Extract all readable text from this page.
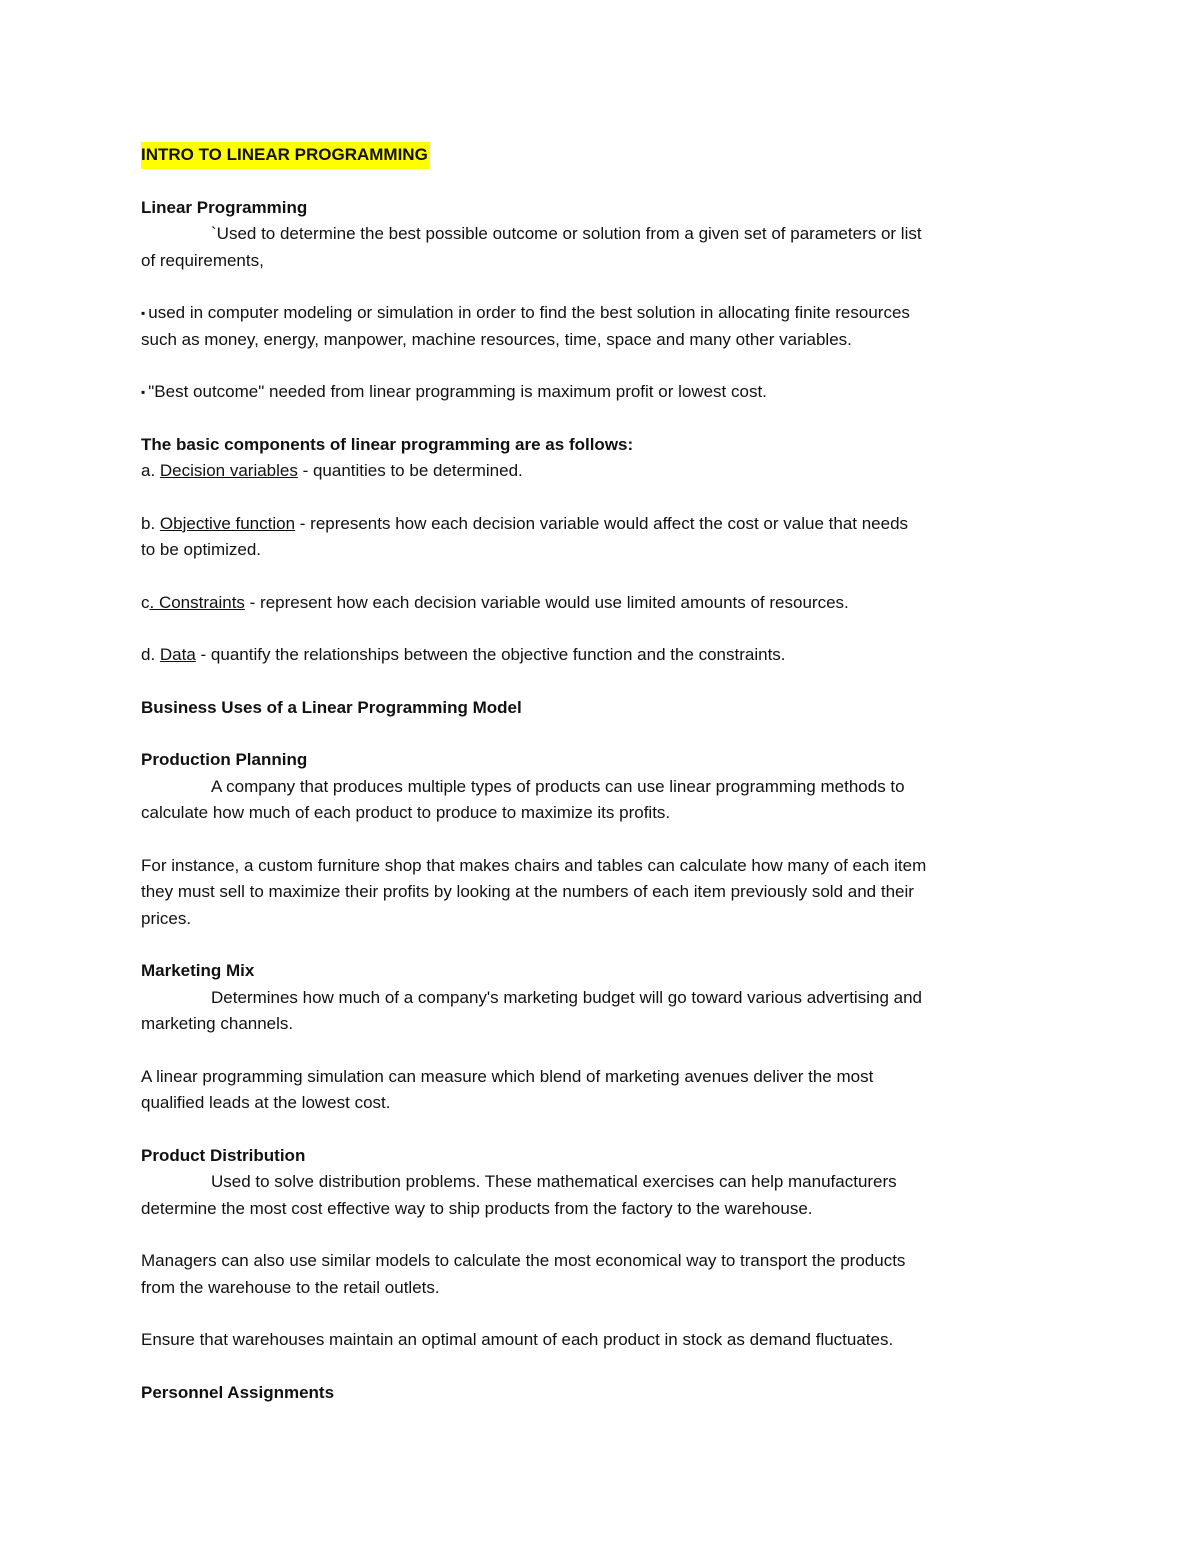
INTRO TO LINEAR PROGRAMMING
Linear Programming
`Used to determine the best possible outcome or solution from a given set of parameters or list
of requirements,
▪ used in computer modeling or simulation in order to find the best solution in allocating finite resources
such as money, energy, manpower, machine resources, time, space and many other variables.
▪ "Best outcome" needed from linear programming is maximum profit or lowest cost.
The basic components of linear programming are as follows:
a. Decision variables - quantities to be determined.
b. Objective function - represents how each decision variable would affect the cost or value that needs
to be optimized.
c. Constraints - represent how each decision variable would use limited amounts of resources.
d. Data - quantify the relationships between the objective function and the constraints.
Business Uses of a Linear Programming Model
Production Planning
A company that produces multiple types of products can use linear programming methods to
calculate how much of each product to produce to maximize its profits.
For instance, a custom furniture shop that makes chairs and tables can calculate how many of each item
they must sell to maximize their profits by looking at the numbers of each item previously sold and their
prices.
Marketing Mix
Determines how much of a company's marketing budget will go toward various advertising and
marketing channels.
A linear programming simulation can measure which blend of marketing avenues deliver the most
qualified leads at the lowest cost.
Product Distribution
Used to solve distribution problems. These mathematical exercises can help manufacturers
determine the most cost effective way to ship products from the factory to the warehouse.
Managers can also use similar models to calculate the most economical way to transport the products
from the warehouse to the retail outlets.
Ensure that warehouses maintain an optimal amount of each product in stock as demand fluctuates.
Personnel Assignments
